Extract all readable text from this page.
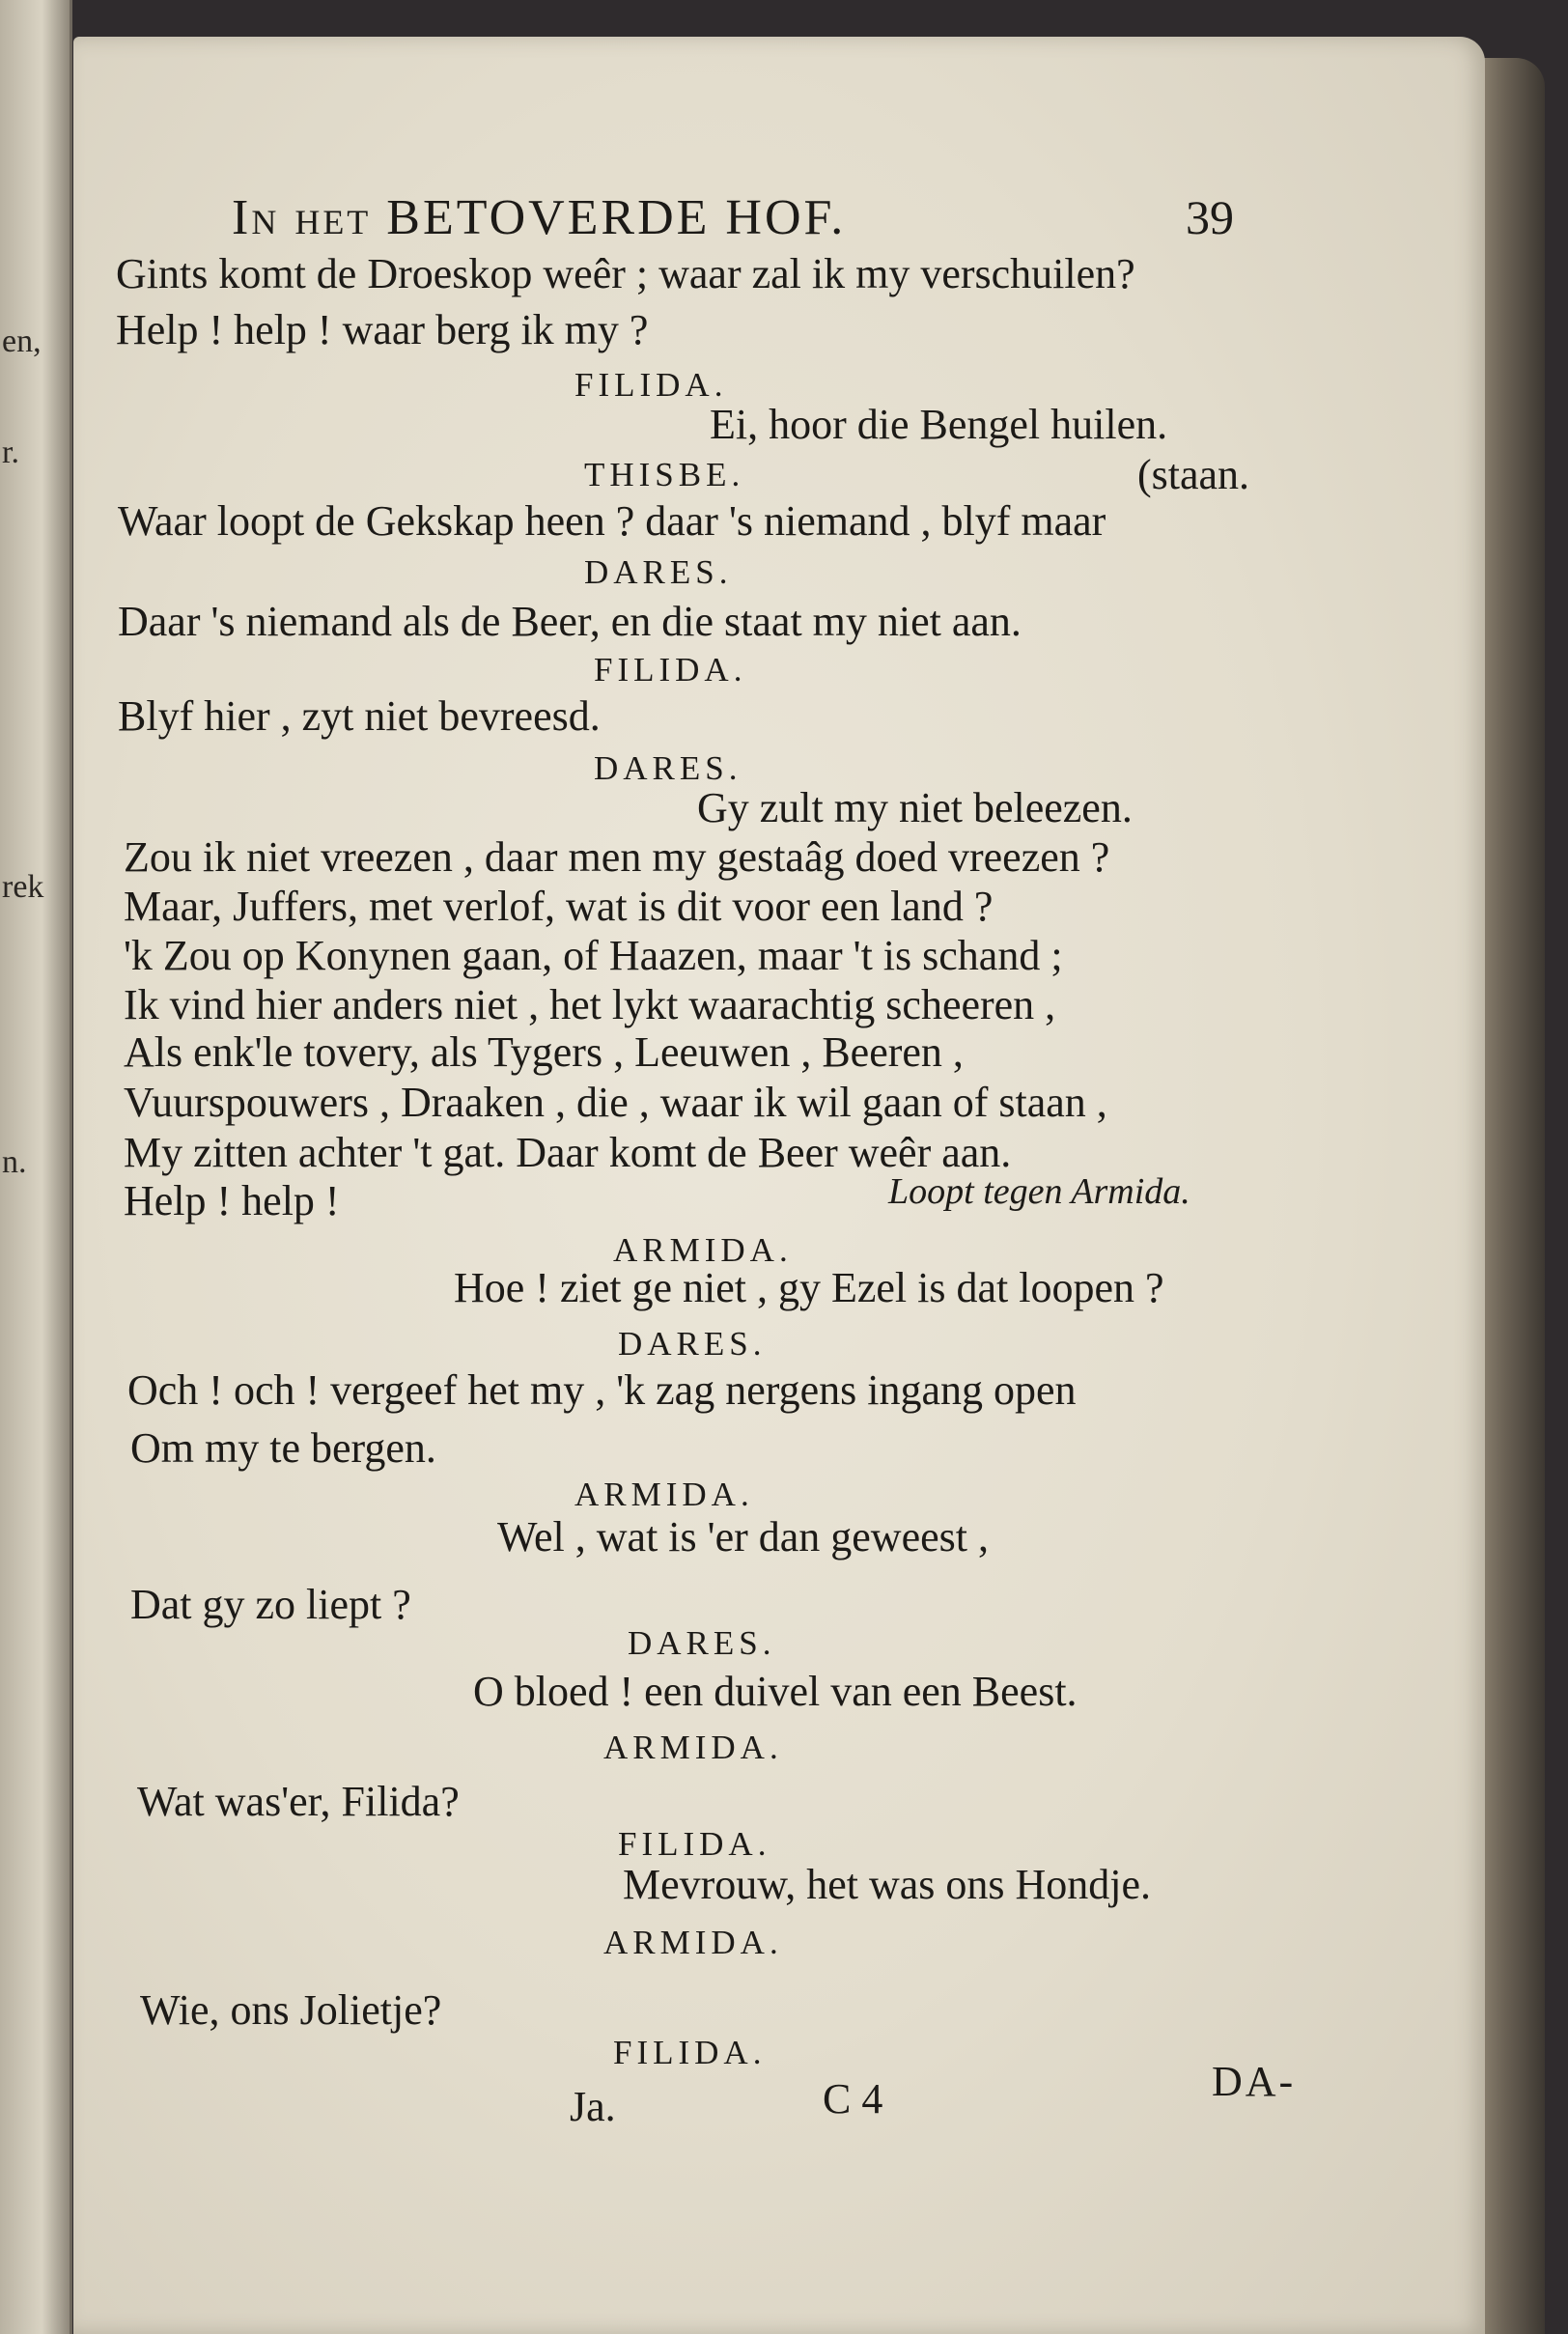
en,
r.
rek
n.
In het BETOVERDE HOF.	39
Gints komt de Droeskop weêr ; waar zal ik my verschuilen?
Help ! help ! waar berg ik my ?
FILIDA.
Ei, hoor die Bengel huilen.
THISBE.	(staan.
Waar loopt de Gekskap heen ? daar 's niemand , blyf maar
DARES.
Daar 's niemand als de Beer, en die staat my niet aan.
FILIDA.
Blyf hier , zyt niet bevreesd.
DARES.
Gy zult my niet beleezen.
Zou ik niet vreezen , daar men my gestaâg doed vreezen ?
Maar, Juffers, met verlof, wat is dit voor een land ?
'k Zou op Konynen gaan, of Haazen, maar 't is schand ;
Ik vind hier anders niet , het lykt waarachtig scheeren ,
Als enk'le tovery, als Tygers , Leeuwen , Beeren ,
Vuurspouwers , Draaken , die , waar ik wil gaan of staan ,
My zitten achter 't gat. Daar komt de Beer weêr aan.
Help ! help !	Loopt tegen Armida.
ARMIDA.
Hoe ! ziet ge niet , gy Ezel is dat loopen ?
DARES.
Och ! och ! vergeef het my , 'k zag nergens ingang open
Om my te bergen.
ARMIDA.
Wel , wat is 'er dan geweest ,
Dat gy zo liept ?
DARES.
O bloed ! een duivel van een Beest.
ARMIDA.
Wat was'er, Filida?
FILIDA.
Mevrouw, het was ons Hondje.
ARMIDA.
Wie, ons Jolietje?
FILIDA.
Ja.	C 4	DA-
